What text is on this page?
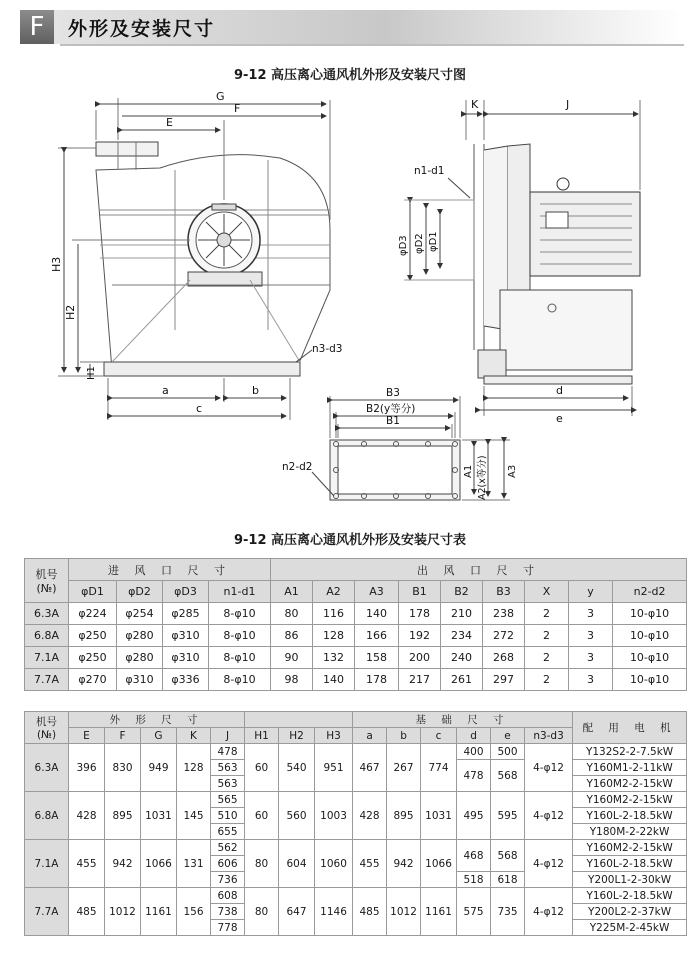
F	外形及安装尺寸
9-12 高压离心通风机外形及安装尺寸图
G
F
E
H3
H2
H1
n3-d3
a	b
c
K	J
n1-d1
φD3 φD2 φD1
d
e
B3
B2(y等分)
B1
A1 A2(x等分) A3
n2-d2
9-12 高压离心通风机外形及安装尺寸表
机号
(№)	进 风 口 尺 寸				出 风 口 尺 寸								
	φD1	φD2	φD3	n1-d1	A1	A2	A3	B1	B2	B3	X	y	n2-d2
6.3A	φ224	φ254	φ285	8-φ10	80	116	140	178	210	238	2	3	10-φ10
6.8A	φ250	φ280	φ310	8-φ10	86	128	166	192	234	272	2	3	10-φ10
7.1A	φ250	φ280	φ310	8-φ10	90	132	158	200	240	268	2	3	10-φ10
7.7A	φ270	φ310	φ336	8-φ10	98	140	178	217	261	297	2	3	10-φ10
机号
(№)	外 形 尺 寸								基 础 尺 寸						配 用 电 机
	E	F	G	K	J	H1	H2	H3	a	b	c	d	e	n3-d3	
6.3A	396	830	949	128	478	60	540	951	467	267	774	400	500	4-φ12	Y132S2-2-7.5kW
					563							478	568		Y160M1-2-11kW
					563										Y160M2-2-15kW
6.8A	428	895	1031	145	565	60	560	1003	428	895	1031	495	595	4-φ12	Y160M2-2-15kW
					510										Y160L-2-18.5kW
					655										Y180M-2-22kW
7.1A	455	942	1066	131	562	80	604	1060	455	942	1066	468	568	4-φ12	Y160M2-2-15kW
					606										Y160L-2-18.5kW
					736							518	618		Y200L1-2-30kW
7.7A	485	1012	1161	156	608	80	647	1146	485	1012	1161	575	735	4-φ12	Y160L-2-18.5kW
					738										Y200L2-2-37kW
					778										Y225M-2-45kW
